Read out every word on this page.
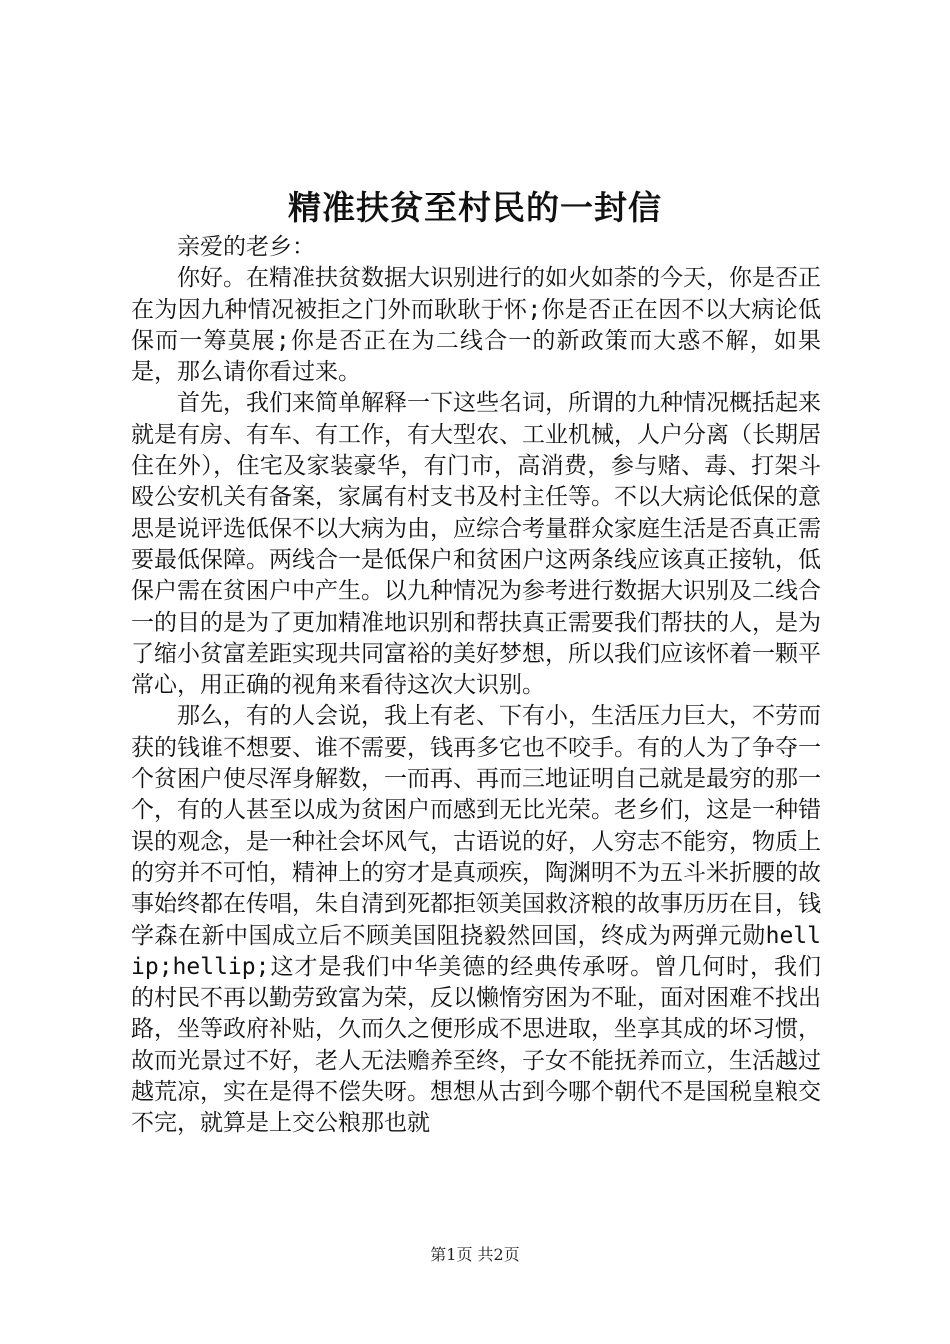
精准扶贫至村民的一封信

亲爱的老乡：

你好。在精准扶贫数据大识别进行的如火如荼的今天，你是否正在为因九种情况被拒之门外而耿耿于怀;你是否正在因不以大病论低保而一筹莫展;你是否正在为二线合一的新政策而大惑不解，如果是，那么请你看过来。

首先，我们来简单解释一下这些名词，所谓的九种情况概括起来就是有房、有车、有工作，有大型农、工业机械，人户分离（长期居住在外），住宅及家装豪华，有门市，高消费，参与赌、毒、打架斗殴公安机关有备案，家属有村支书及村主任等。不以大病论低保的意思是说评选低保不以大病为由，应综合考量群众家庭生活是否真正需要最低保障。两线合一是低保户和贫困户这两条线应该真正接轨，低保户需在贫困户中产生。以九种情况为参考进行数据大识别及二线合一的目的是为了更加精准地识别和帮扶真正需要我们帮扶的人，是为了缩小贫富差距实现共同富裕的美好梦想，所以我们应该怀着一颗平常心，用正确的视角来看待这次大识别。

那么，有的人会说，我上有老、下有小，生活压力巨大，不劳而获的钱谁不想要、谁不需要，钱再多它也不咬手。有的人为了争夺一个贫困户使尽浑身解数，一而再、再而三地证明自己就是最穷的那一个，有的人甚至以成为贫困户而感到无比光荣。老乡们，这是一种错误的观念，是一种社会坏风气，古语说的好，人穷志不能穷，物质上的穷并不可怕，精神上的穷才是真顽疾，陶渊明不为五斗米折腰的故事始终都在传唱，朱自清到死都拒领美国救济粮的故事历历在目，钱学森在新中国成立后不顾美国阻挠毅然回国，终成为两弹元勋hellip;hellip;这才是我们中华美德的经典传承呀。曾几何时，我们的村民不再以勤劳致富为荣，反以懒惰穷困为不耻，面对困难不找出路，坐等政府补贴，久而久之便形成不思进取，坐享其成的坏习惯，故而光景过不好，老人无法赡养至终，子女不能抚养而立，生活越过越荒凉，实在是得不偿失呀。想想从古到今哪个朝代不是国税皇粮交不完，就算是上交公粮那也就

第1页 共2页
